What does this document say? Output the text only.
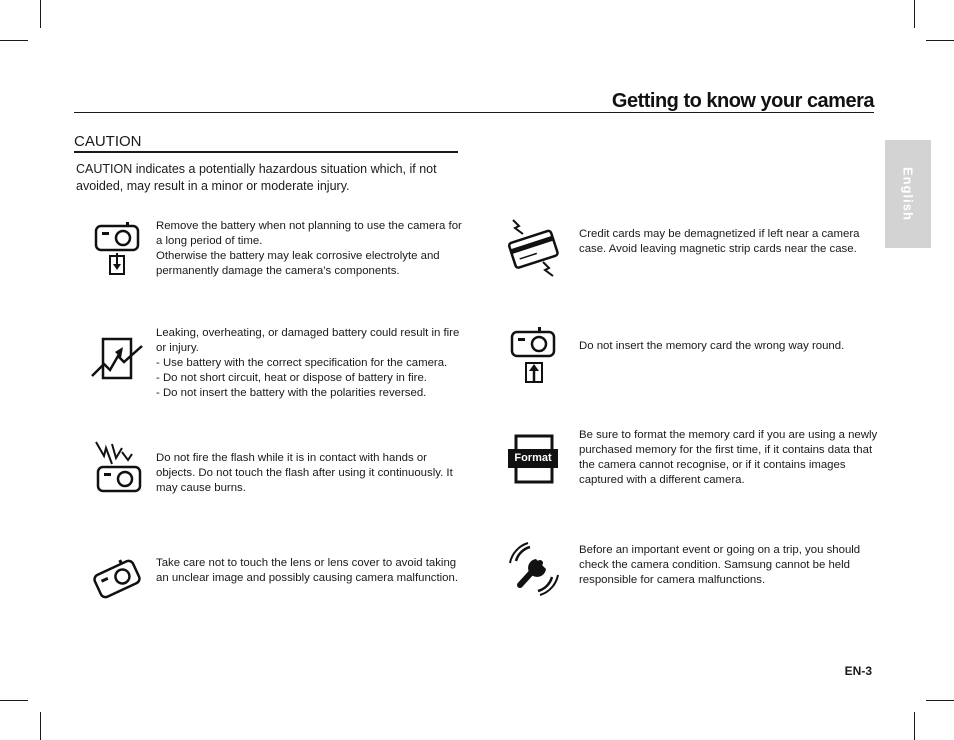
Getting to know your camera
English
CAUTION

CAUTION indicates a potentially hazardous situation which, if not avoided, may result in a minor or moderate injury.

Remove the battery when not planning to use the camera for a long period of time.

Otherwise the battery may leak corrosive electrolyte and permanently damage the camera’s components.

Leaking, overheating, or damaged battery could result in fire or injury.

- Use battery with the correct specification for the camera.

- Do not short circuit, heat or dispose of battery in fire.

- Do not insert the battery with the polarities reversed.

Do not fire the flash while it is in contact with hands or objects. Do not touch the flash after using it continuously. It may cause burns.

Take care not to touch the lens or lens cover to avoid taking an unclear image and possibly causing camera malfunction.

Credit cards may be demagnetized if left near a camera case. Avoid leaving magnetic strip cards near the case.

Do not insert the memory card the wrong way round.

Format

Be sure to format the memory card if you are using a newly purchased memory for the first time, if it contains data that the camera cannot recognise, or if it contains images captured with a different camera.

Before an important event or going on a trip, you should check the camera condition. Samsung cannot be held responsible for camera malfunctions.

EN-3
